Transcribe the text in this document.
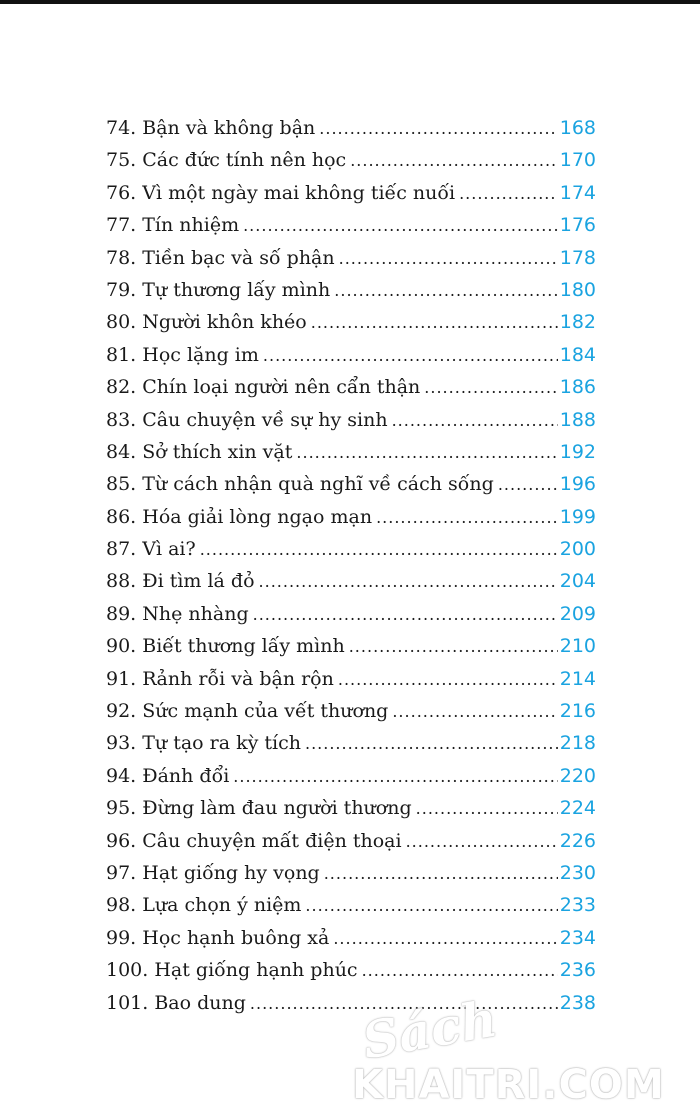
74. Bận và không bận .....	168
75. Các đức tính nên học .....	170
76. Vì một ngày mai không tiếc nuối .....	174
77. Tín nhiệm .....	176
78. Tiền bạc và số phận .....	178
79. Tự thương lấy mình .....	180
80. Người khôn khéo .....	182
81. Học lặng im .....	184
82. Chín loại người nên cẩn thận .....	186
83. Câu chuyện về sự hy sinh .....	188
84. Sở thích xin vặt .....	192
85. Từ cách nhận quà nghĩ về cách sống .....	196
86. Hóa giải lòng ngạo mạn .....	199
87. Vì ai? .....	200
88. Đi tìm lá đỏ .....	204
89. Nhẹ nhàng .....	209
90. Biết thương lấy mình .....	210
91. Rảnh rỗi và bận rộn .....	214
92. Sức mạnh của vết thương .....	216
93. Tự tạo ra kỳ tích .....	218
94. Đánh đổi .....	220
95. Đừng làm đau người thương .....	224
96. Câu chuyện mất điện thoại .....	226
97. Hạt giống hy vọng .....	230
98. Lựa chọn ý niệm .....	233
99. Học hạnh buông xả .....	234
100. Hạt giống hạnh phúc .....	236
101. Bao dung .....	238
Sách
KHAITRI.COM
